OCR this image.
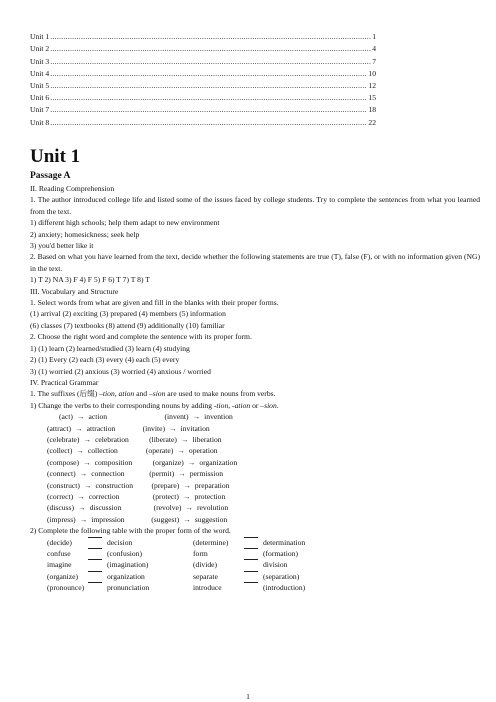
Unit 1 .....	1
Unit 2 .....	4
Unit 3 .....	7
Unit 4 .....	10
Unit 5 .....	12
Unit 6 .....	15
Unit 7 .....	18
Unit 8 .....	22
Unit 1
Passage A
II. Reading Comprehension
1. The author introduced college life and listed some of the issues faced by college students. Try to complete the sentences from what you learned from the text.
1) different high schools; help them adapt to new environment
2) anxiety; homesickness; seek help
3) you'd better like it
2. Based on what you have learned from the text, decide whether the following statements are true (T), false (F), or with no information given (NG) in the text.
1) T 2) NA 3) F 4) F 5) F 6) T 7) T 8) T
III. Vocabulary and Structure
1. Select words from what are given and fill in the blanks with their proper forms.
(1) arrival (2) exciting (3) prepared (4) members (5) information
(6) classes (7) textbooks (8) attend (9) additionally (10) familiar
2. Choose the right word and complete the sentence with its proper form.
1) (1) learn (2) learned/studied (3) learn (4) studying
2) (1) Every (2) each (3) every (4) each (5) every
3) (1) worried (2) anxious (3) worried (4) anxious / worried
IV. Practical Grammar
1. The suffixes (后缀) –tion, ation and –sion are used to make nouns from verbs.
1) Change the verbs to their corresponding nouns by adding -tion, -ation or –sion.
(act) → action	(invent) → invention
(attract) → attraction	(invite) → invitation
(celebrate) → celebration	(liberate) → liberation
(collect) → collection	(operate) → operation
(compose) → composition	(organize) → organization
(connect) → connection	(permit) → permission
(construct) → construction	(prepare) → preparation
(correct) → correction	(protect) → protection
(discuss) → discussion	(revolve) → revolution
(impress) → impression	(suggest) → suggestion
2) Complete the following table with the proper form of the word.
(decide)	decision	(determine)	determination
confuse	(confusion)	form	(formation)
imagine	(imagination)	(divide)	division
(organize)	organization	separate	(separation)
(pronounce)	pronunciation	introduce	(introduction)
1
